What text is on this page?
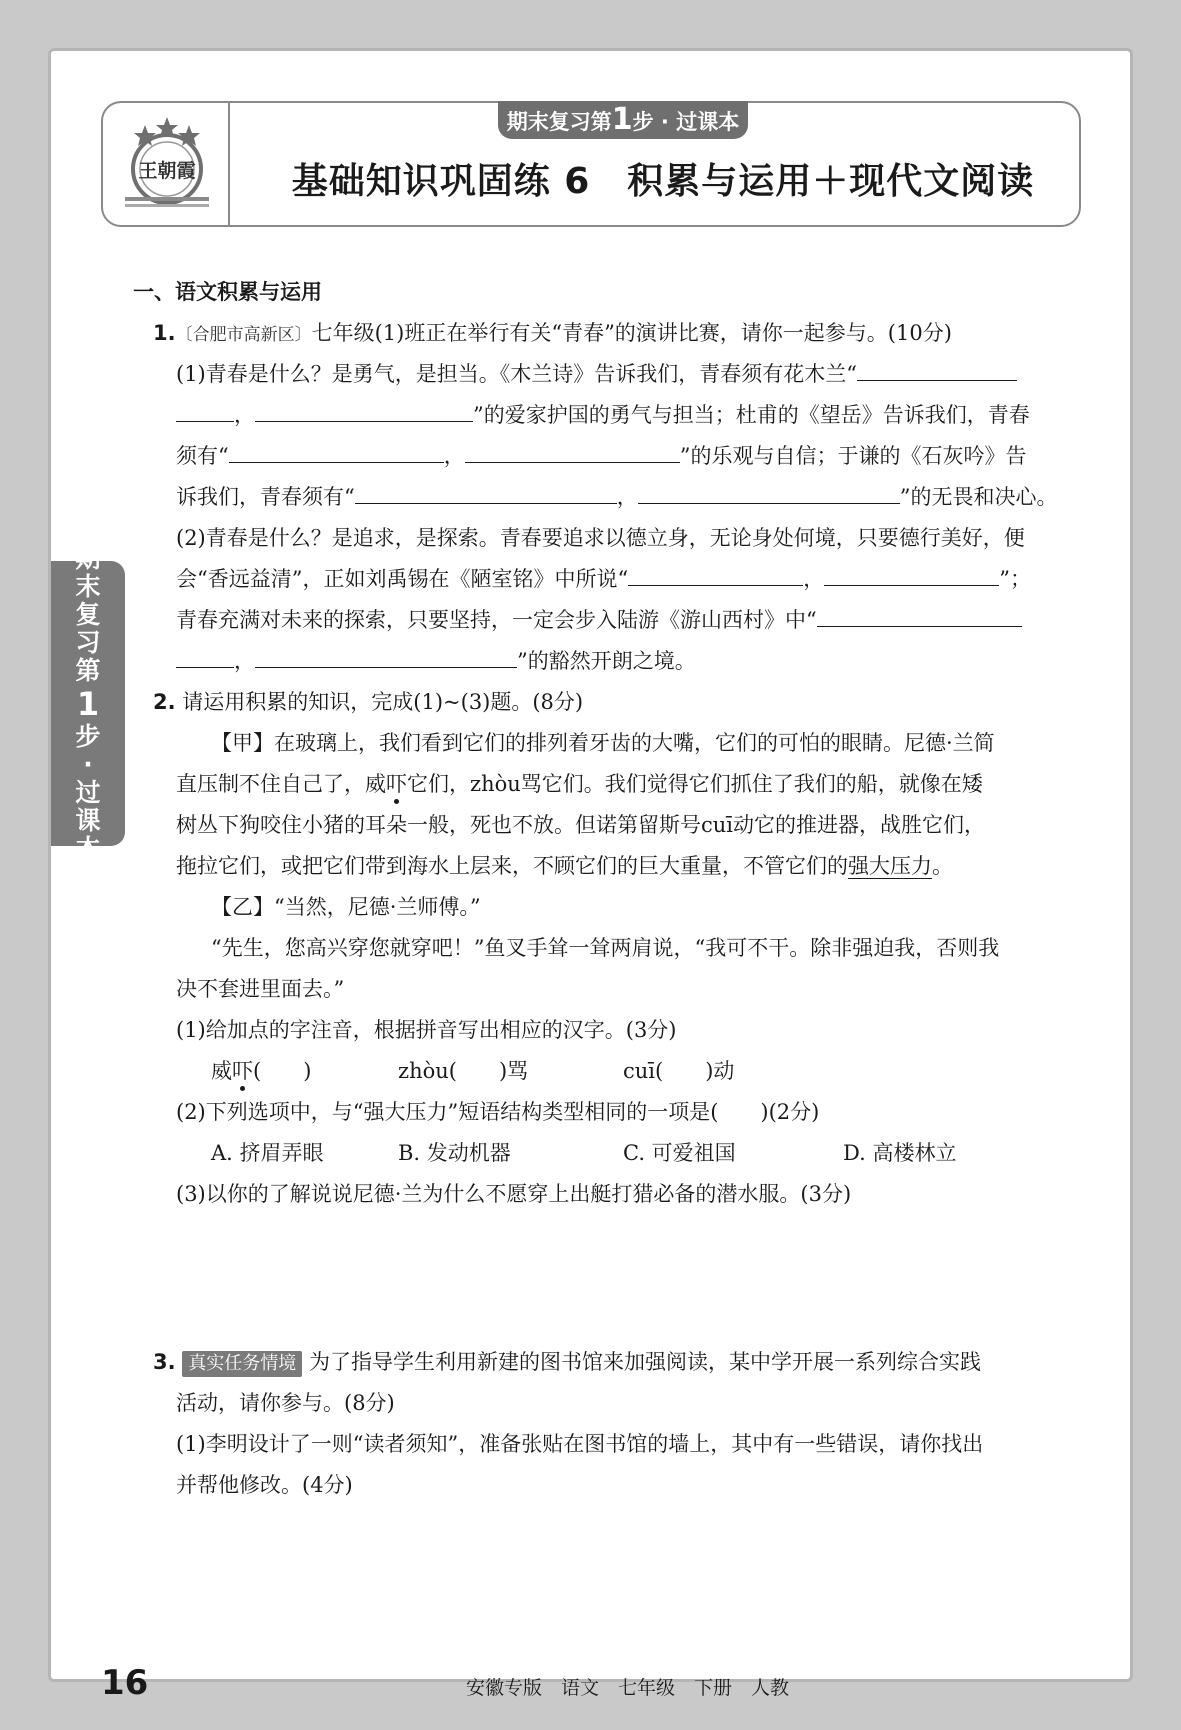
王朝霞
期末复习第1步 · 过课本
基础知识巩固练 6　积累与运用＋现代文阅读
期
末
复
习
第
1
步
·
过
课
本
一、语文积累与运用
1.〔合肥市高新区〕七年级(1)班正在举行有关“青春”的演讲比赛，请你一起参与。(10分)
(1)青春是什么？是勇气，是担当。《木兰诗》告诉我们，青春须有花木兰“
，	”的爱家护国的勇气与担当；杜甫的《望岳》告诉我们，青春
须有“	，	”的乐观与自信；于谦的《石灰吟》告
诉我们，青春须有“	，	”的无畏和决心。
(2)青春是什么？是追求，是探索。青春要追求以德立身，无论身处何境，只要德行美好，便
会“香远益清”，正如刘禹锡在《陋室铭》中所说“	，	”；
青春充满对未来的探索，只要坚持，一定会步入陆游《游山西村》中“
，	”的豁然开朗之境。
2. 请运用积累的知识，完成(1)~(3)题。(8分)
【甲】在玻璃上，我们看到它们的排列着牙齿的大嘴，它们的可怕的眼睛。尼德·兰简
直压制不住自己了，威吓它们，zhòu骂它们。我们觉得它们抓住了我们的船，就像在矮
树丛下狗咬住小猪的耳朵一般，死也不放。但诺第留斯号cuī动它的推进器，战胜它们，
拖拉它们，或把它们带到海水上层来，不顾它们的巨大重量，不管它们的强大压力。
【乙】“当然，尼德·兰师傅。”
“先生，您高兴穿您就穿吧！”鱼叉手耸一耸两肩说，“我可不干。除非强迫我，否则我
决不套进里面去。”
(1)给加点的字注音，根据拼音写出相应的汉字。(3分)
威吓(　　)	zhòu(　　)骂	cuī(　　)动
(2)下列选项中，与“强大压力”短语结构类型相同的一项是(　　)(2分)
A. 挤眉弄眼	B. 发动机器	C. 可爱祖国	D. 高楼林立
(3)以你的了解说说尼德·兰为什么不愿穿上出艇打猎必备的潜水服。(3分)
3. 真实任务情境 为了指导学生利用新建的图书馆来加强阅读，某中学开展一系列综合实践
活动，请你参与。(8分)
(1)李明设计了一则“读者须知”，准备张贴在图书馆的墙上，其中有一些错误，请你找出
并帮他修改。(4分)
16	安徽专版　语文　七年级　下册　人教
